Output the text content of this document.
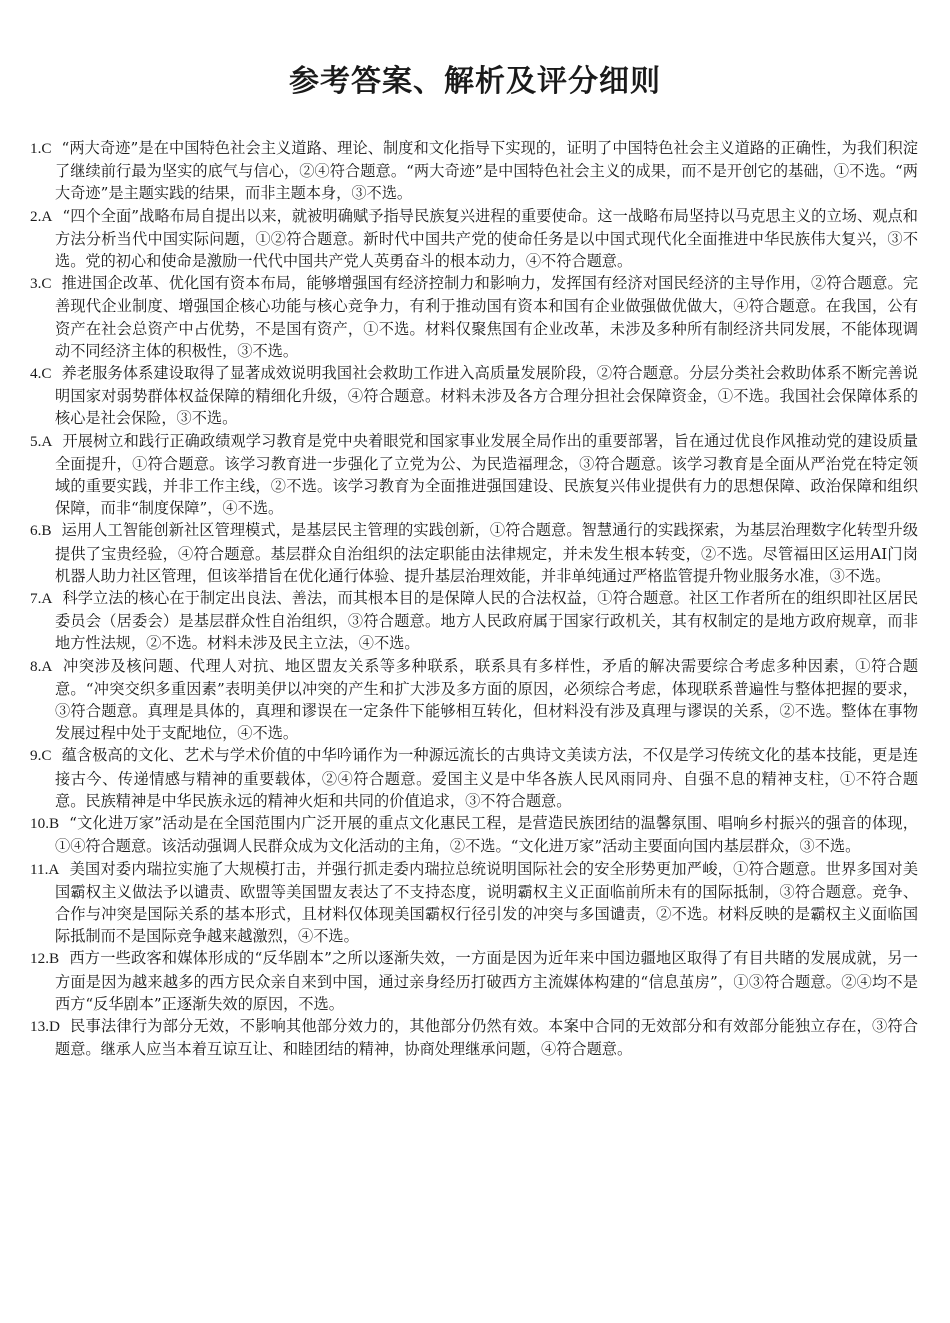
参考答案、解析及评分细则

1.C “两大奇迹”是在中国特色社会主义道路、理论、制度和文化指导下实现的，证明了中国特色社会主义道路的正确性，为我们积淀了继续前行最为坚实的底气与信心，②④符合题意。“两大奇迹”是中国特色社会主义的成果，而不是开创它的基础，①不选。“两大奇迹”是主题实践的结果，而非主题本身，③不选。

2.A “四个全面”战略布局自提出以来，就被明确赋予指导民族复兴进程的重要使命。这一战略布局坚持以马克思主义的立场、观点和方法分析当代中国实际问题，①②符合题意。新时代中国共产党的使命任务是以中国式现代化全面推进中华民族伟大复兴，③不选。党的初心和使命是激励一代代中国共产党人英勇奋斗的根本动力，④不符合题意。

3.C 推进国企改革、优化国有资本布局，能够增强国有经济控制力和影响力，发挥国有经济对国民经济的主导作用，②符合题意。完善现代企业制度、增强国企核心功能与核心竞争力，有利于推动国有资本和国有企业做强做优做大，④符合题意。在我国，公有资产在社会总资产中占优势，不是国有资产，①不选。材料仅聚焦国有企业改革，未涉及多种所有制经济共同发展，不能体现调动不同经济主体的积极性，③不选。

4.C 养老服务体系建设取得了显著成效说明我国社会救助工作进入高质量发展阶段，②符合题意。分层分类社会救助体系不断完善说明国家对弱势群体权益保障的精细化升级，④符合题意。材料未涉及各方合理分担社会保障资金，①不选。我国社会保障体系的核心是社会保险，③不选。

5.A 开展树立和践行正确政绩观学习教育是党中央着眼党和国家事业发展全局作出的重要部署，旨在通过优良作风推动党的建设质量全面提升，①符合题意。该学习教育进一步强化了立党为公、为民造福理念，③符合题意。该学习教育是全面从严治党在特定领域的重要实践，并非工作主线，②不选。该学习教育为全面推进强国建设、民族复兴伟业提供有力的思想保障、政治保障和组织保障，而非“制度保障”，④不选。

6.B 运用人工智能创新社区管理模式，是基层民主管理的实践创新，①符合题意。智慧通行的实践探索，为基层治理数字化转型升级提供了宝贵经验，④符合题意。基层群众自治组织的法定职能由法律规定，并未发生根本转变，②不选。尽管福田区运用AI门岗机器人助力社区管理，但该举措旨在优化通行体验、提升基层治理效能，并非单纯通过严格监管提升物业服务水准，③不选。

7.A 科学立法的核心在于制定出良法、善法，而其根本目的是保障人民的合法权益，①符合题意。社区工作者所在的组织即社区居民委员会（居委会）是基层群众性自治组织，③符合题意。地方人民政府属于国家行政机关，其有权制定的是地方政府规章，而非地方性法规，②不选。材料未涉及民主立法，④不选。

8.A 冲突涉及核问题、代理人对抗、地区盟友关系等多种联系，联系具有多样性，矛盾的解决需要综合考虑多种因素，①符合题意。“冲突交织多重因素”表明美伊以冲突的产生和扩大涉及多方面的原因，必须综合考虑，体现联系普遍性与整体把握的要求，③符合题意。真理是具体的，真理和谬误在一定条件下能够相互转化，但材料没有涉及真理与谬误的关系，②不选。整体在事物发展过程中处于支配地位，④不选。

9.C 蕴含极高的文化、艺术与学术价值的中华吟诵作为一种源远流长的古典诗文美读方法，不仅是学习传统文化的基本技能，更是连接古今、传递情感与精神的重要载体，②④符合题意。爱国主义是中华各族人民风雨同舟、自强不息的精神支柱，①不符合题意。民族精神是中华民族永远的精神火炬和共同的价值追求，③不符合题意。

10.B “文化进万家”活动是在全国范围内广泛开展的重点文化惠民工程，是营造民族团结的温馨氛围、唱响乡村振兴的强音的体现，①④符合题意。该活动强调人民群众成为文化活动的主角，②不选。“文化进万家”活动主要面向国内基层群众，③不选。

11.A 美国对委内瑞拉实施了大规模打击，并强行抓走委内瑞拉总统说明国际社会的安全形势更加严峻，①符合题意。世界多国对美国霸权主义做法予以谴责、欧盟等美国盟友表达了不支持态度，说明霸权主义正面临前所未有的国际抵制，③符合题意。竞争、合作与冲突是国际关系的基本形式，且材料仅体现美国霸权行径引发的冲突与多国谴责，②不选。材料反映的是霸权主义面临国际抵制而不是国际竞争越来越激烈，④不选。

12.B 西方一些政客和媒体形成的“反华剧本”之所以逐渐失效，一方面是因为近年来中国边疆地区取得了有目共睹的发展成就，另一方面是因为越来越多的西方民众亲自来到中国，通过亲身经历打破西方主流媒体构建的“信息茧房”，①③符合题意。②④均不是西方“反华剧本”正逐渐失效的原因，不选。

13.D 民事法律行为部分无效，不影响其他部分效力的，其他部分仍然有效。本案中合同的无效部分和有效部分能独立存在，③符合题意。继承人应当本着互谅互让、和睦团结的精神，协商处理继承问题，④符合题意。
